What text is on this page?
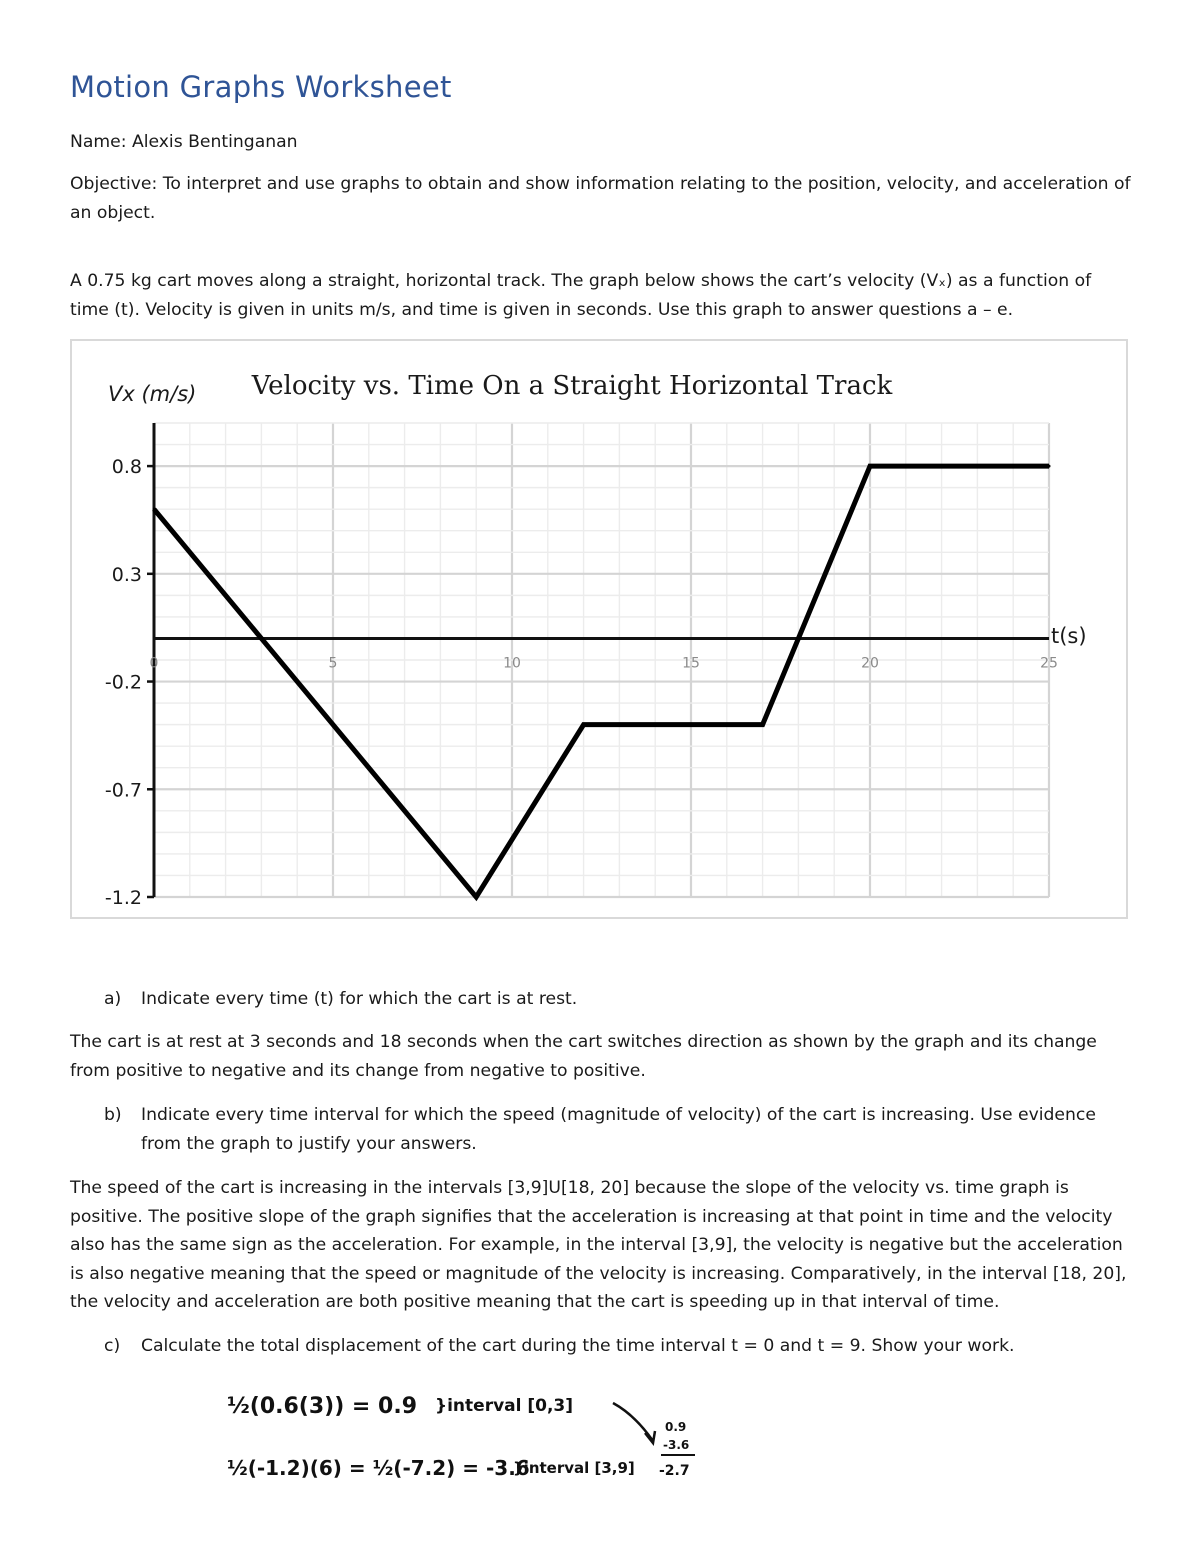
Motion Graphs Worksheet
Name: Alexis Bentinganan
Objective: To interpret and use graphs to obtain and show information relating to the position, velocity, and acceleration of an object.
A 0.75 kg cart moves along a straight, horizontal track. The graph below shows the cart’s velocity (Vₓ) as a function of time (t). Velocity is given in units m/s, and time is given in seconds. Use this graph to answer questions a – e.
0.8
0.3
-0.2
-0.7
-1.2
0	5	10	15	20	25
Velocity vs. Time On a Straight Horizontal Track
Vx (m/s)
t(s)
a) Indicate every time (t) for which the cart is at rest.
The cart is at rest at 3 seconds and 18 seconds when the cart switches direction as shown by the graph and its change from positive to negative and its change from negative to positive.
b) Indicate every time interval for which the speed (magnitude of velocity) of the cart is increasing. Use evidence from the graph to justify your answers.
The speed of the cart is increasing in the intervals [3,9]U[18, 20] because the slope of the velocity vs. time graph is positive. The positive slope of the graph signifies that the acceleration is increasing at that point in time and the velocity also has the same sign as the acceleration. For example, in the interval [3,9], the velocity is negative but the acceleration is also negative meaning that the speed or magnitude of the velocity is increasing. Comparatively, in the interval [18, 20], the velocity and acceleration are both positive meaning that the cart is speeding up in that interval of time.
c) Calculate the total displacement of the cart during the time interval t = 0 and t = 9. Show your work.
½(0.6(3)) = 0.9 }interval [0,3]
½(-1.2)(6) = ½(-7.2) = -3.6
}interval [3,9]
0.9
-3.6
-2.7
